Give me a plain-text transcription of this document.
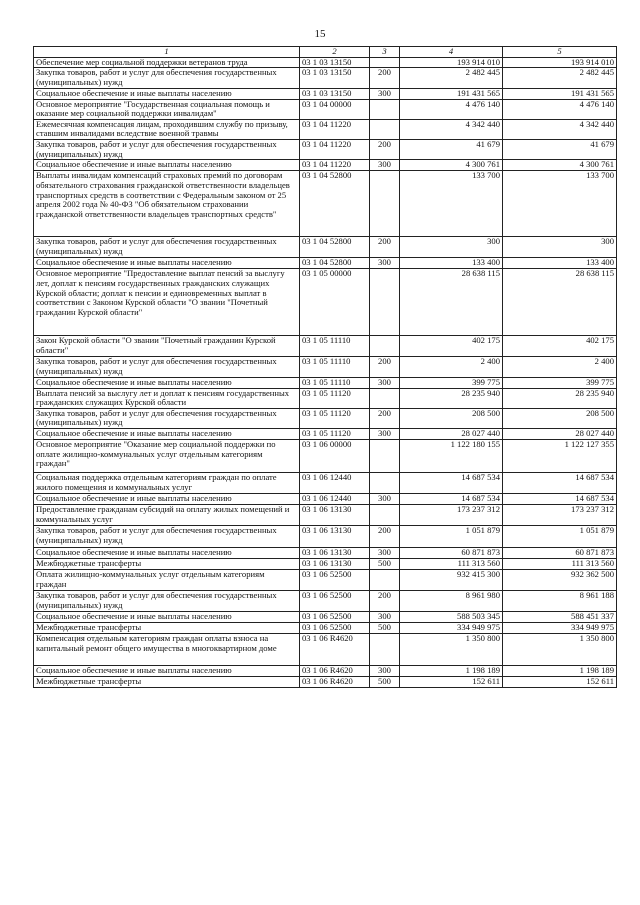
15
1	2	3	4	5
Обеспечение мер социальной поддержки ветеранов труда	03 1 03 13150		193 914 010	193 914 010
Закупка товаров, работ и услуг для обеспечения государственных (муниципальных) нужд	03 1 03 13150	200	2 482 445	2 482 445
Социальное обеспечение и иные выплаты населению	03 1 03 13150	300	191 431 565	191 431 565
Основное мероприятие "Государственная социальная помощь и оказание мер социальной поддержки инвалидам"	03 1 04 00000		4 476 140	4 476 140
Ежемесячная компенсация лицам, проходившим службу по призыву, ставшим инвалидами вследствие военной травмы	03 1 04 11220		4 342 440	4 342 440
Закупка товаров, работ и услуг для обеспечения государственных (муниципальных) нужд	03 1 04 11220	200	41 679	41 679
Социальное обеспечение и иные выплаты населению	03 1 04 11220	300	4 300 761	4 300 761
Выплаты инвалидам компенсаций страховых премий по договорам обязательного страхования гражданской ответственности владельцев транспортных средств в соответствии с Федеральным законом от 25 апреля 2002 года № 40-ФЗ "Об обязательном страховании гражданской ответственности владельцев транспортных средств"	03 1 04 52800		133 700	133 700
Закупка товаров, работ и услуг для обеспечения государственных (муниципальных) нужд	03 1 04 52800	200	300	300
Социальное обеспечение и иные выплаты населению	03 1 04 52800	300	133 400	133 400
Основное мероприятие "Предоставление выплат пенсий за выслугу лет, доплат к пенсиям государственных гражданских служащих Курской области; доплат к пенсии и единовременных выплат в соответствии с Законом Курской области "О звании "Почетный гражданин Курской области"	03 1 05 00000		28 638 115	28 638 115
Закон Курской области "О звании "Почетный гражданин Курской области"	03 1 05 11110		402 175	402 175
Закупка товаров, работ и услуг для обеспечения государственных (муниципальных) нужд	03 1 05 11110	200	2 400	2 400
Социальное обеспечение и иные выплаты населению	03 1 05 11110	300	399 775	399 775
Выплата пенсий за выслугу лет и доплат к пенсиям государственных гражданских служащих Курской области	03 1 05 11120		28 235 940	28 235 940
Закупка товаров, работ и услуг для обеспечения государственных (муниципальных) нужд	03 1 05 11120	200	208 500	208 500
Социальное обеспечение и иные выплаты населению	03 1 05 11120	300	28 027 440	28 027 440
Основное мероприятие "Оказание мер социальной поддержки по оплате жилищно-коммунальных услуг отдельным категориям граждан"	03 1 06 00000		1 122 180 155	1 122 127 355
Социальная поддержка отдельным категориям граждан по оплате жилого помещения и коммунальных услуг	03 1 06 12440		14 687 534	14 687 534
Социальное обеспечение и иные выплаты населению	03 1 06 12440	300	14 687 534	14 687 534
Предоставление гражданам субсидий на оплату жилых помещений и коммунальных услуг	03 1 06 13130		173 237 312	173 237 312
Закупка товаров, работ и услуг для обеспечения государственных (муниципальных) нужд	03 1 06 13130	200	1 051 879	1 051 879
Социальное обеспечение и иные выплаты населению	03 1 06 13130	300	60 871 873	60 871 873
Межбюджетные трансферты	03 1 06 13130	500	111 313 560	111 313 560
Оплата жилищно-коммунальных услуг отдельным категориям граждан	03 1 06 52500		932 415 300	932 362 500
Закупка товаров, работ и услуг для обеспечения государственных (муниципальных) нужд	03 1 06 52500	200	8 961 980	8 961 188
Социальное обеспечение и иные выплаты населению	03 1 06 52500	300	588 503 345	588 451 337
Межбюджетные трансферты	03 1 06 52500	500	334 949 975	334 949 975
Компенсация отдельным категориям граждан оплаты взноса на капитальный ремонт общего имущества в многоквартирном доме	03 1 06 R4620		1 350 800	1 350 800
Социальное обеспечение и иные выплаты населению	03 1 06 R4620	300	1 198 189	1 198 189
Межбюджетные трансферты	03 1 06 R4620	500	152 611	152 611
